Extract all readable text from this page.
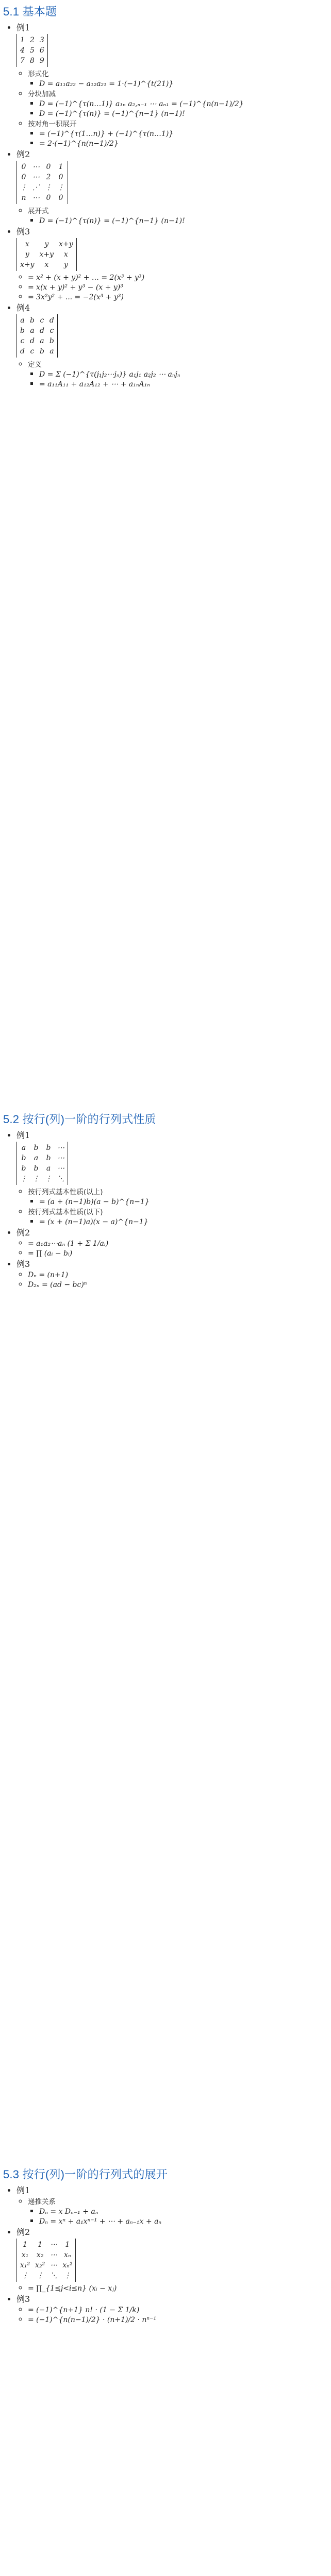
5.1 基本题
• 例1
1 2 3
4 5 6
7 8 9
◦ 形式化
▪ D = a₁₁a₂₂ − a₁₂a₂₁ = 1·(−1)^{t(21)}
◦ 分块加减
▪ D = (−1)^{τ(n…1)} a₁ₙ a₂,ₙ₋₁ ⋯ aₙ₁ = (−1)^{n(n−1)/2}
▪ D = (−1)^{τ(n)} = (−1)^{n−1} (n−1)!
◦ 按对角一积展开
▪ = (−1)^{τ(1…n)} + (−1)^{τ(n…1)}
▪ = 2·(−1)^{n(n−1)/2}
• 例2
0 ⋯ 0 1
0 ⋯ 2 0
⋮ ⋰ ⋮ ⋮
n ⋯ 0 0
◦ 展开式
▪ D = (−1)^{τ(n)} = (−1)^{n−1} (n−1)!
• 例3
x	y	x+y
y	x+y	x
x+y	x	y
◦ = x² + (x + y)² + … = 2(x³ + y³)
◦ = x(x + y)² + y³ − (x + y)³
◦ = 3x²y² + ... = −2(x³ + y³)
• 例4
a b c d
b a d c
c d a b
d c b a
◦ 定义
▪ D = Σ (−1)^{τ(j₁j₂⋯jₙ)} a₁j₁ a₂j₂ ⋯ aₙjₙ
▪ = a₁₁A₁₁ + a₁₂A₁₂ + ⋯ + a₁ₙA₁ₙ
5.2 按行(列)一阶的行列式性质
• 例1
a b b ⋯
b a b ⋯
b b a ⋯
⋮ ⋮ ⋮ ⋱
◦ 按行列式基本性质(以上)
▪ = (a + (n−1)b)(a − b)^{n−1}
◦ 按行列式基本性质(以下)
▪ = (x + (n−1)a)(x − a)^{n−1}
• 例2
◦ = a₁a₂⋯aₙ (1 + Σ 1/aᵢ)
◦ = ∏ (aᵢ − bᵢ)
• 例3
◦ Dₙ = (n+1)
◦ D₂ₙ = (ad − bc)ⁿ
5.3 按行(列)一阶的行列式的展开
• 例1
◦ 递推关系
▪ Dₙ = x Dₙ₋₁ + aₙ
▪ Dₙ = xⁿ + a₁xⁿ⁻¹ + ⋯ + aₙ₋₁x + aₙ
• 例2
1	1	⋯	1
x₁ x₂ ⋯ xₙ
x₁² x₂² ⋯ xₙ²
⋮ ⋮ ⋱ ⋮
◦ = ∏_{1≤j<i≤n} (xᵢ − xⱼ)
• 例3
◦ = (−1)^{n+1} n! · (1 − Σ 1/k)
◦ = (−1)^{n(n−1)/2} · (n+1)/2 · nⁿ⁻¹
